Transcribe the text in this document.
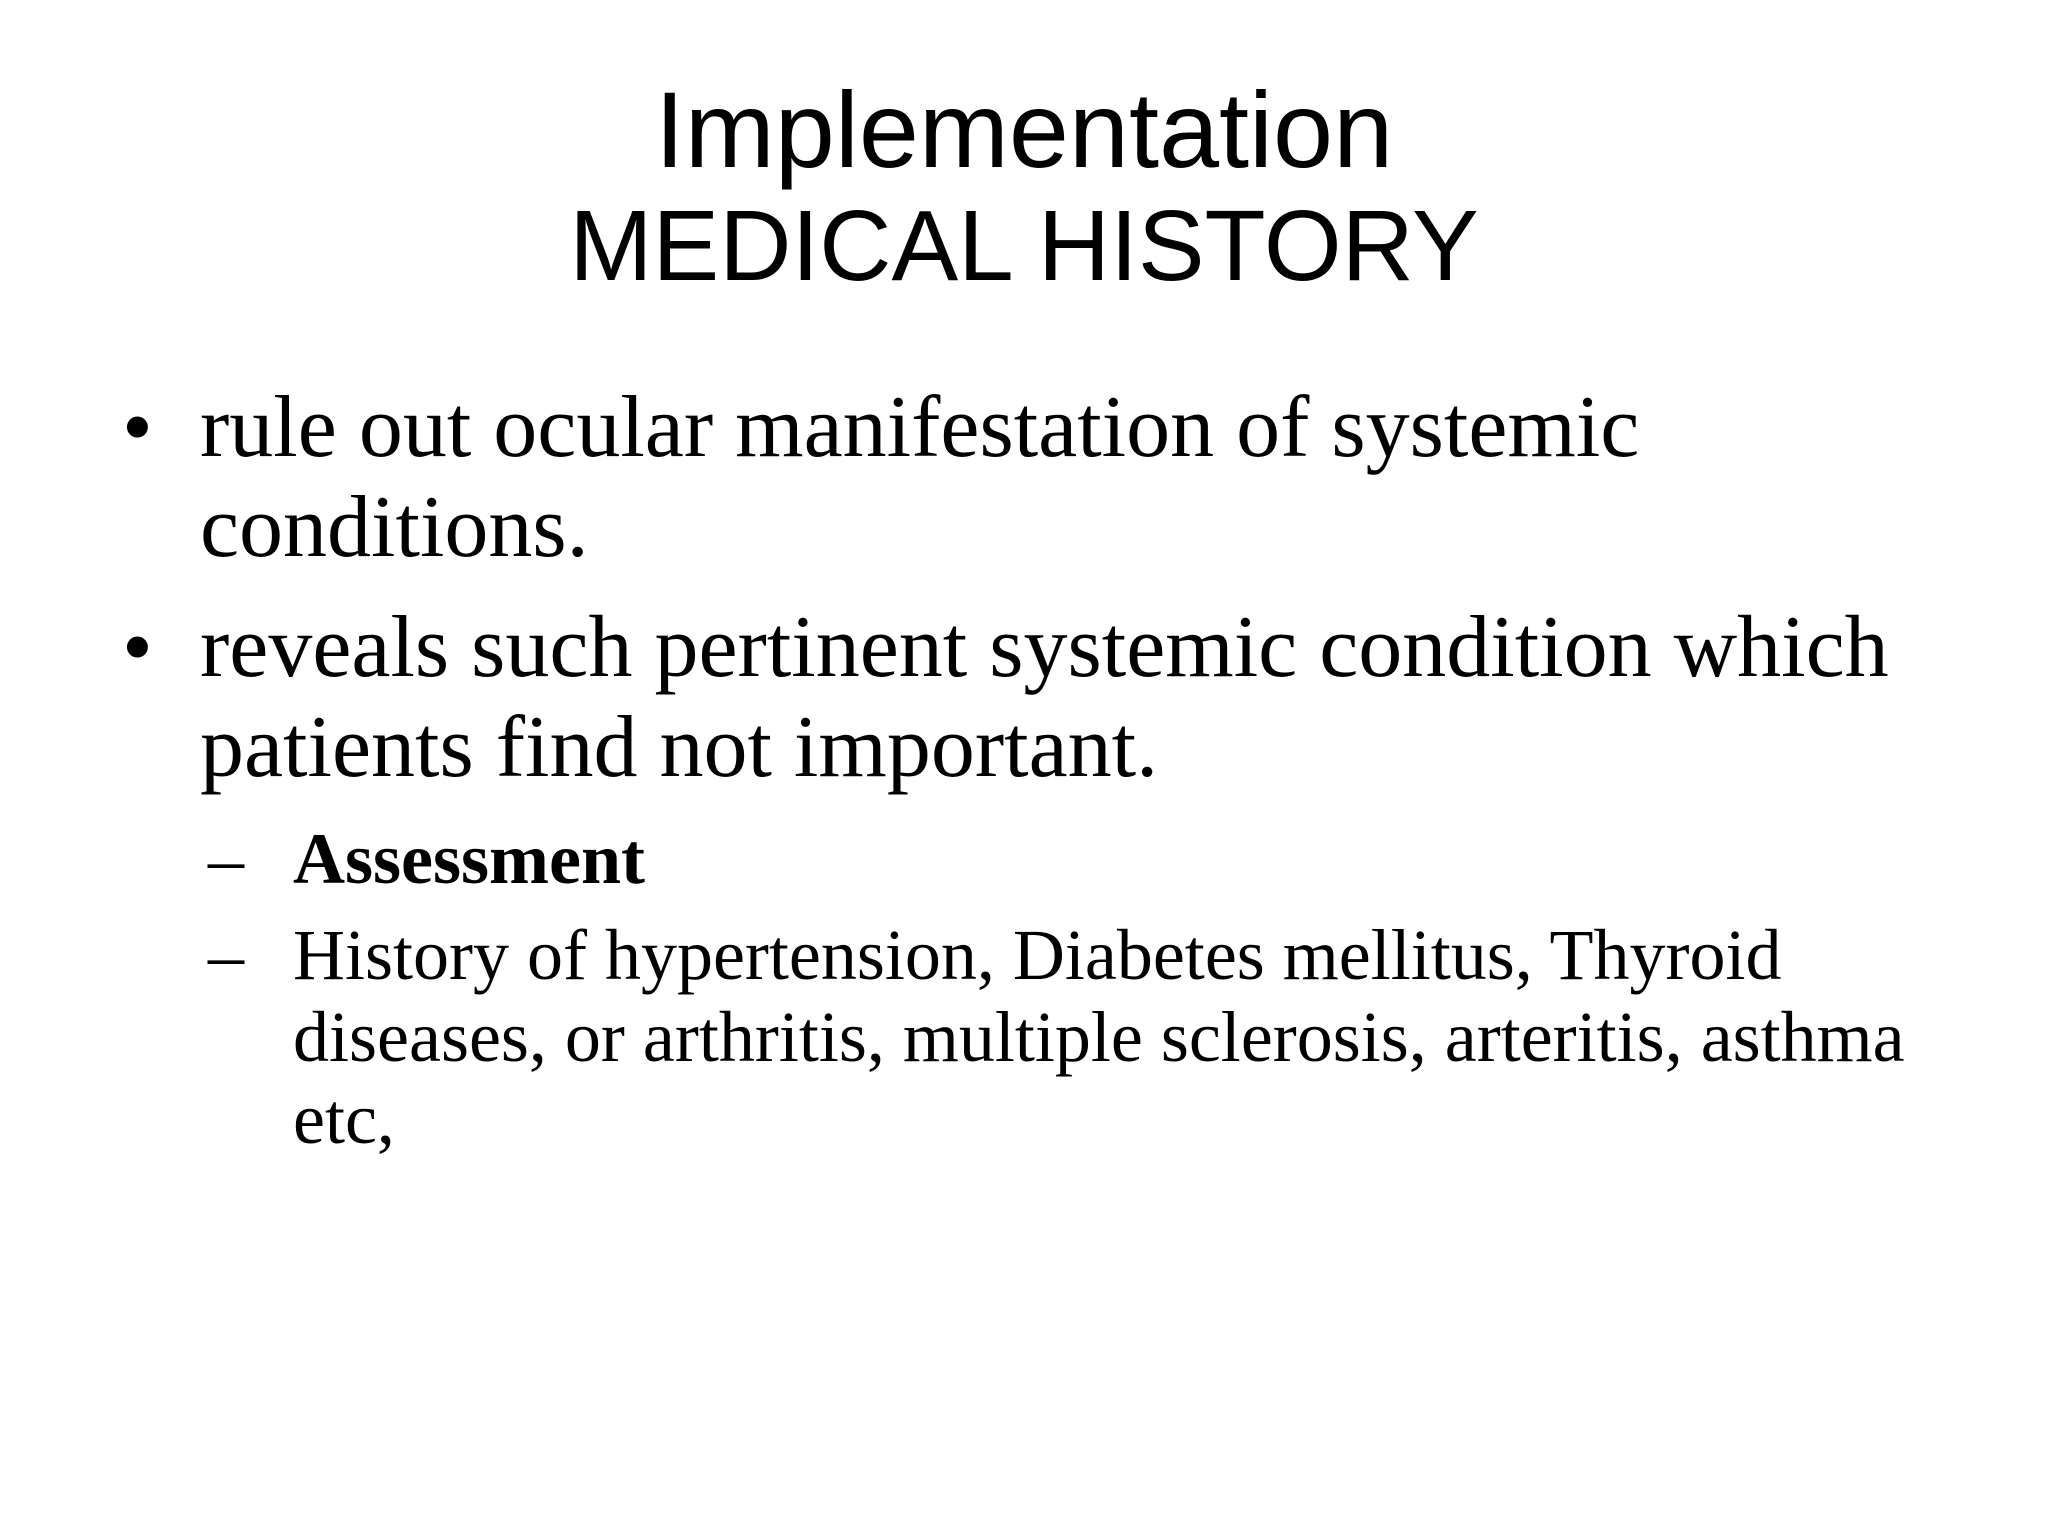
Implementation
MEDICAL HISTORY
• rule out ocular manifestation of systemic conditions.
• reveals such pertinent systemic condition which patients find not important.
– Assessment
– History of hypertension, Diabetes mellitus, Thyroid diseases, or arthritis, multiple sclerosis, arteritis, asthma etc,
